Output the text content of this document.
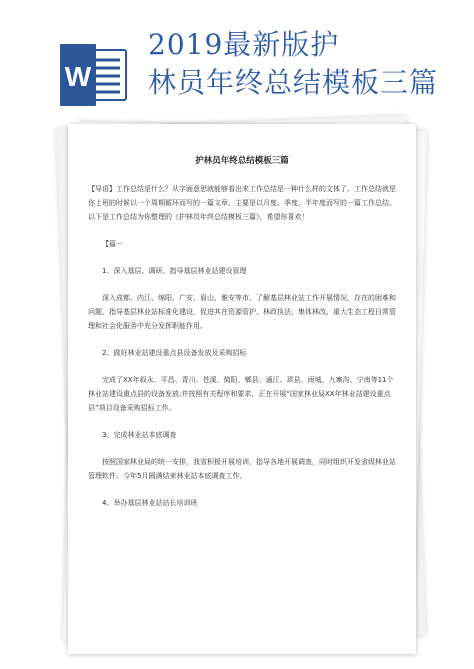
W
2019最新版护
林员年终总结模板三篇
护林员年终总结模板三篇

【导语】工作总结是什么？从字面意思就能够看出来工作总结是一种什么样的文体了。工作总结就是你上班的时候以一个周期循环而写的一篇文章，主要是以月度、季度、半年度而写的一篇工作总结。以下是工作总结为你整理的《护林员年终总结模板三篇》，希望你喜欢！

【篇一

1、深入基层、调研、指导基层林业站建设管理

深入成都、内江、绵阳、广安、眉山、雅安等市，了解基层林业站工作开展情况，存在的困难和问题，指导基层林业站标准化建设，促进其在资源管护、林政执法、集体林改、重大生态工程日常管理和社会化服务中充分发挥职能作用。

2、做好林业站建设重点县设备发放及采购招标

完成了XX年叙永、平昌、青川、苍溪、简阳、郫县、通江、珙县、雨城、九寨沟、宁南等11个林业站建设重点县的设备发放;并按照有关程序和要求，正在开展“国家林业局XX年林业站建设重点县”项目设备采购招标工作。

3、完成林业站本底调查

按照国家林业局的统一安排，我省积极开展培训，指导各地开展调查，同时组织开发省级林业站管理软件。今年5月圆满结束林业站本底调查工作。

4、举办基层林业站站长培训班
